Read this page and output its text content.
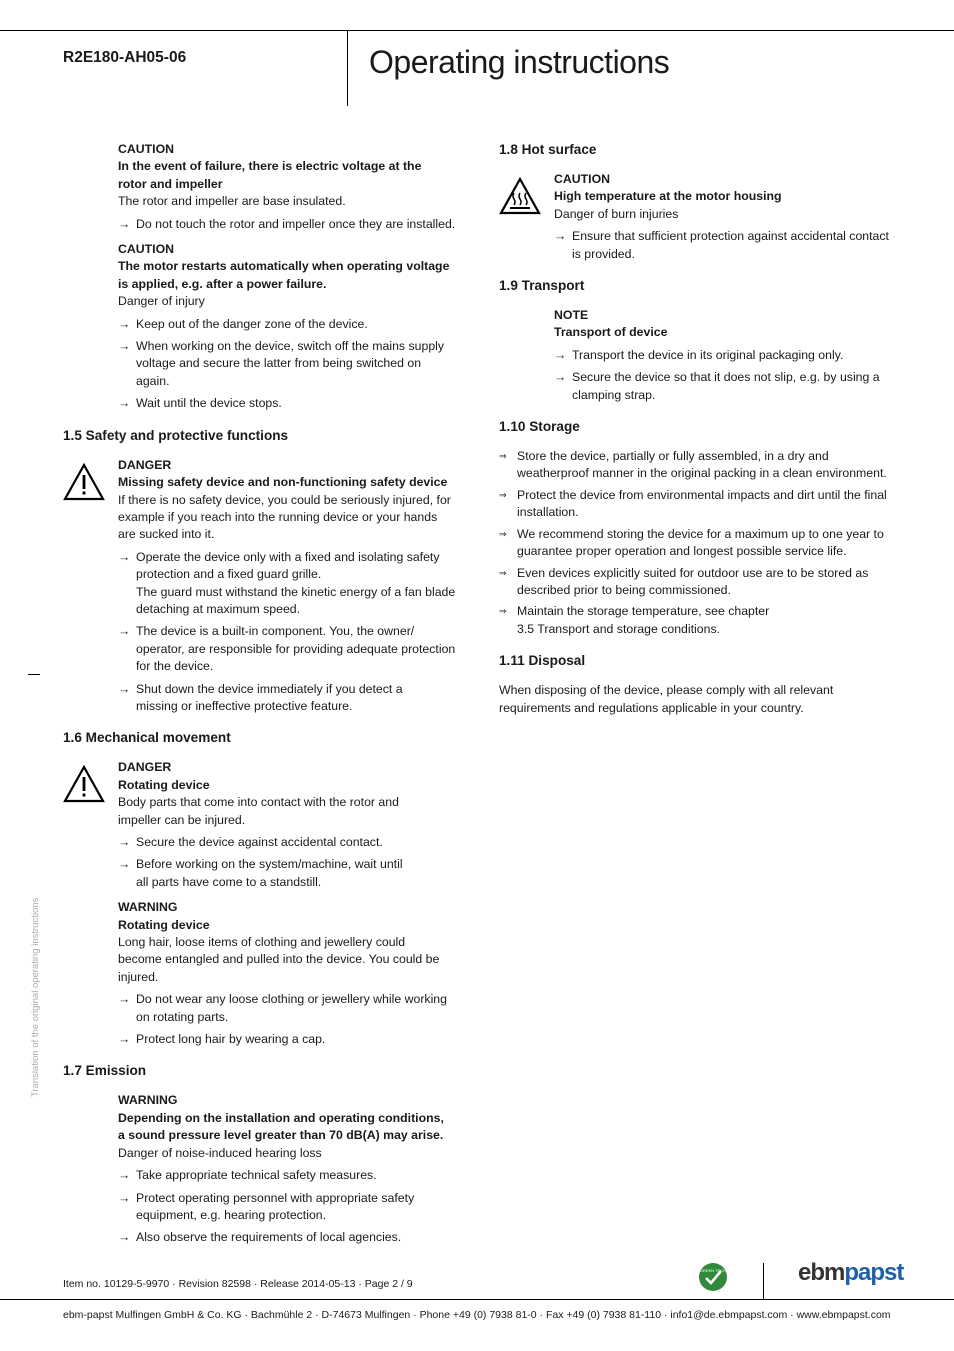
R2E180-AH05-06	Operating instructions
CAUTION
In the event of failure, there is electric voltage at the
rotor and impeller
The rotor and impeller are base insulated.
→ Do not touch the rotor and impeller once they are installed.
CAUTION
The motor restarts automatically when operating voltage
is applied, e.g. after a power failure.
Danger of injury
→ Keep out of the danger zone of the device.
→ When working on the device, switch off the mains supply voltage and secure the latter from being switched on again.
→ Wait until the device stops.
1.5 Safety and protective functions
DANGER
Missing safety device and non-functioning safety device
If there is no safety device, you could be seriously injured, for example if you reach into the running device or your hands are sucked into it.
→ Operate the device only with a fixed and isolating safety protection and a fixed guard grille.
The guard must withstand the kinetic energy of a fan blade detaching at maximum speed.
→ The device is a built-in component. You, the owner/ operator, are responsible for providing adequate protection for the device.
→ Shut down the device immediately if you detect a missing or ineffective protective feature.
1.6 Mechanical movement
DANGER
Rotating device
Body parts that come into contact with the rotor and impeller can be injured.
→ Secure the device against accidental contact.
→ Before working on the system/machine, wait until all parts have come to a standstill.
WARNING
Rotating device
Long hair, loose items of clothing and jewellery could become entangled and pulled into the device. You could be injured.
→ Do not wear any loose clothing or jewellery while working on rotating parts.
→ Protect long hair by wearing a cap.
1.7 Emission
WARNING
Depending on the installation and operating conditions,
a sound pressure level greater than 70 dB(A) may arise.
Danger of noise-induced hearing loss
→ Take appropriate technical safety measures.
→ Protect operating personnel with appropriate safety equipment, e.g. hearing protection.
→ Also observe the requirements of local agencies.
1.8 Hot surface
CAUTION
High temperature at the motor housing
Danger of burn injuries
→ Ensure that sufficient protection against accidental contact is provided.
1.9 Transport
NOTE
Transport of device
→ Transport the device in its original packaging only.
→ Secure the device so that it does not slip, e.g. by using a clamping strap.
1.10 Storage
⇒ Store the device, partially or fully assembled, in a dry and weatherproof manner in the original packing in a clean environment.
⇒ Protect the device from environmental impacts and dirt until the final installation.
⇒ We recommend storing the device for a maximum up to one year to guarantee proper operation and longest possible service life.
⇒ Even devices explicitly suited for outdoor use are to be stored as described prior to being commissioned.
⇒ Maintain the storage temperature, see chapter 3.5 Transport and storage conditions.
1.11 Disposal
When disposing of the device, please comply with all relevant requirements and regulations applicable in your country.
Translation of the original operating instructions
Item no. 10129-5-9970 · Revision 82598 · Release 2014-05-13 · Page 2 / 9
GREEN TECH	ebmpapst
ebm-papst Mulfingen GmbH & Co. KG · Bachmühle 2 · D-74673 Mulfingen · Phone +49 (0) 7938 81-0 · Fax +49 (0) 7938 81-110 · info1@de.ebmpapst.com · www.ebmpapst.com
